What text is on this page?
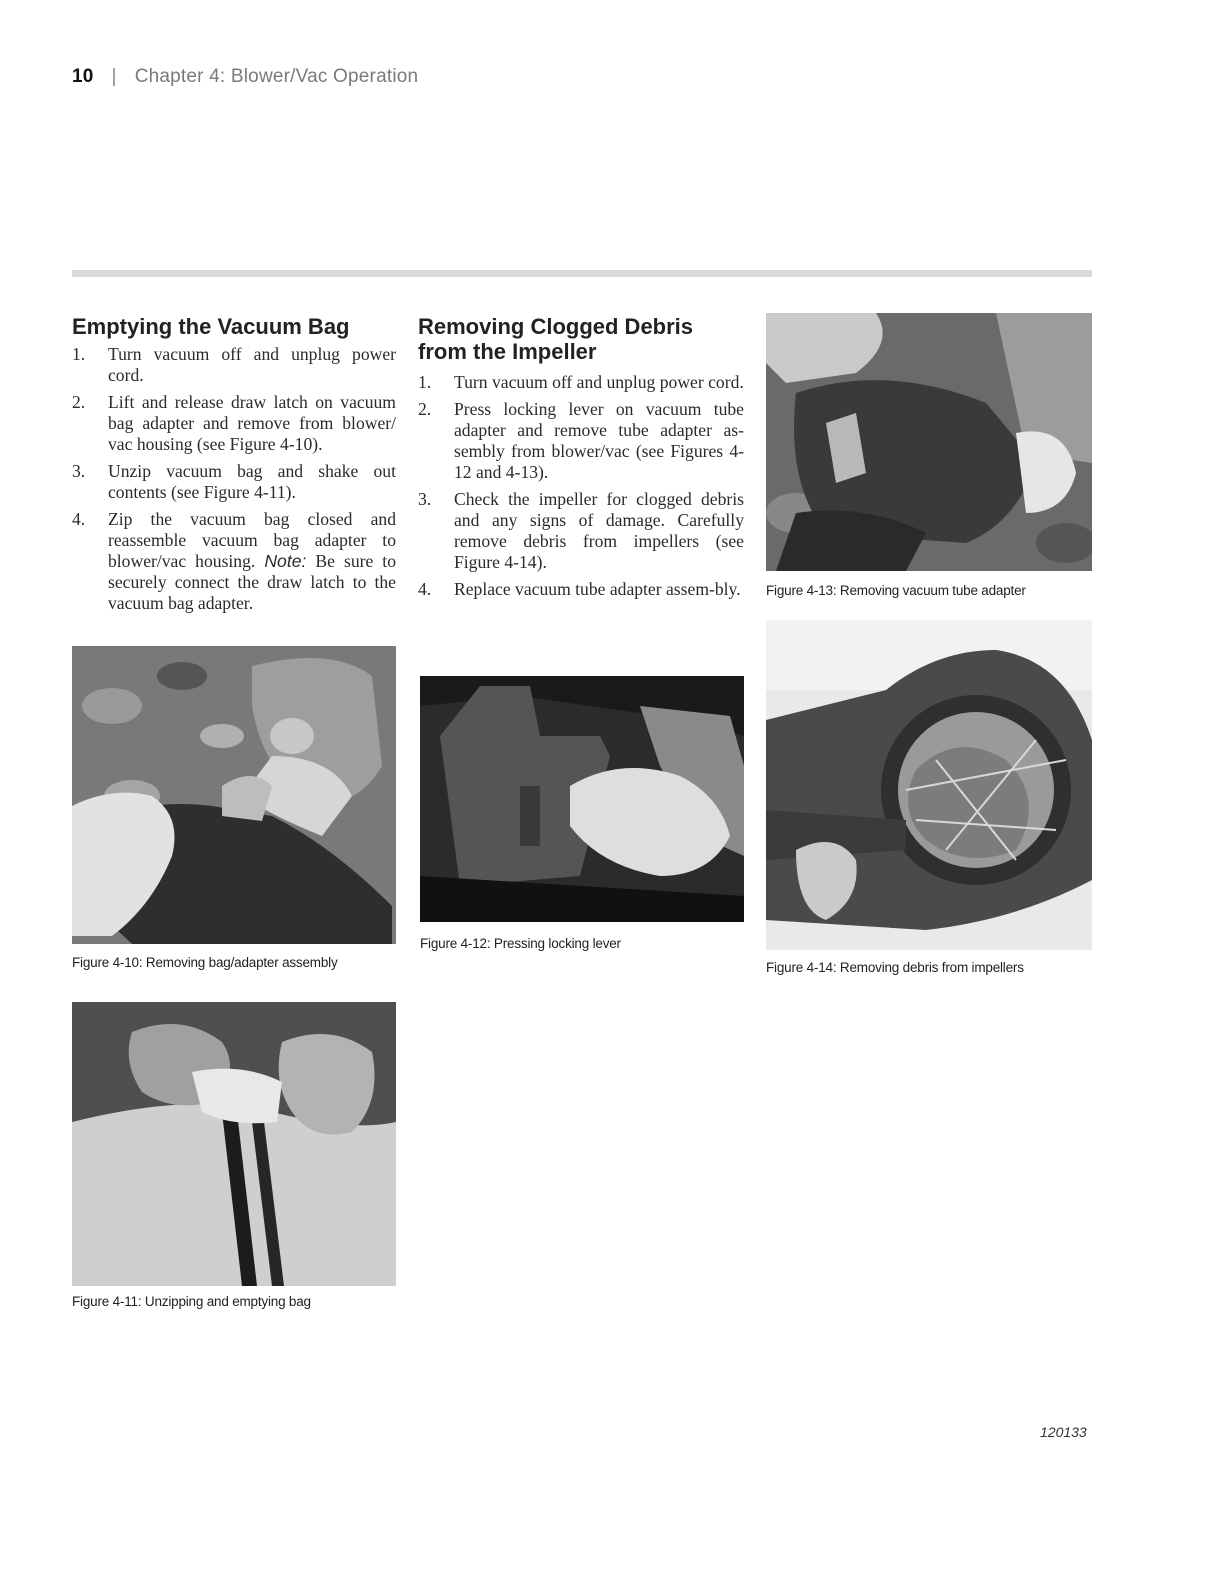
10 | Chapter 4: Blower/Vac Operation
Emptying the Vacuum Bag
1. Turn vacuum off and unplug power cord.
2. Lift and release draw latch on vacuum bag adapter and remove from blower/ vac housing (see Figure 4-10).
3. Unzip vacuum bag and shake out contents (see Figure 4-11).
4. Zip the vacuum bag closed and reassemble vacuum bag adapter to blower/vac housing. Note: Be sure to securely connect the draw latch to the vacuum bag adapter.
Removing Clogged Debris
from the Impeller
1. Turn vacuum off and unplug power cord.
2. Press locking lever on vacuum tube adapter and remove tube adapter as-sembly from blower/vac (see Figures 4-12 and 4-13).
3. Check the impeller for clogged debris and any signs of damage. Carefully remove debris from impellers (see Figure 4-14).
4. Replace vacuum tube adapter assem-bly.
Figure 4-10: Removing bag/adapter assembly
Figure 4-11: Unzipping and emptying bag
Figure 4-12: Pressing locking lever
Figure 4-13: Removing vacuum tube adapter
Figure 4-14: Removing debris from impellers
120133
